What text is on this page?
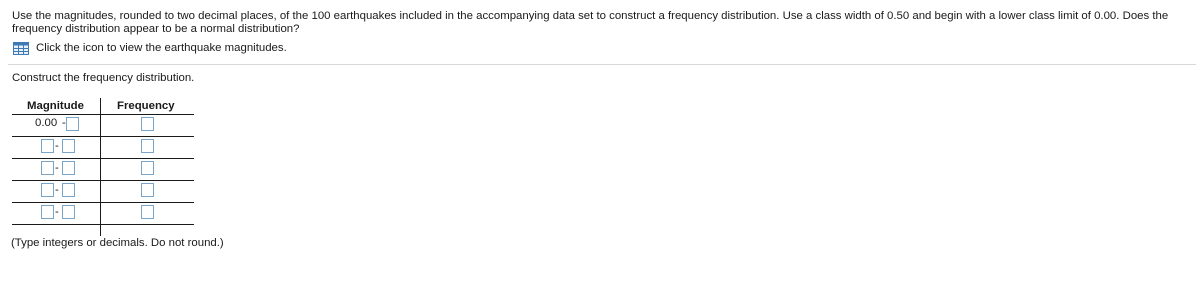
Use the magnitudes, rounded to two decimal places, of the 100 earthquakes included in the accompanying data set to construct a frequency distribution. Use a class width of 0.50 and begin with a lower class limit of 0.00. Does the frequency distribution appear to be a normal distribution?
Click the icon to view the earthquake magnitudes.
Construct the frequency distribution.
Magnitude	Frequency
0.00 -
-
-
-
-
(Type integers or decimals. Do not round.)
